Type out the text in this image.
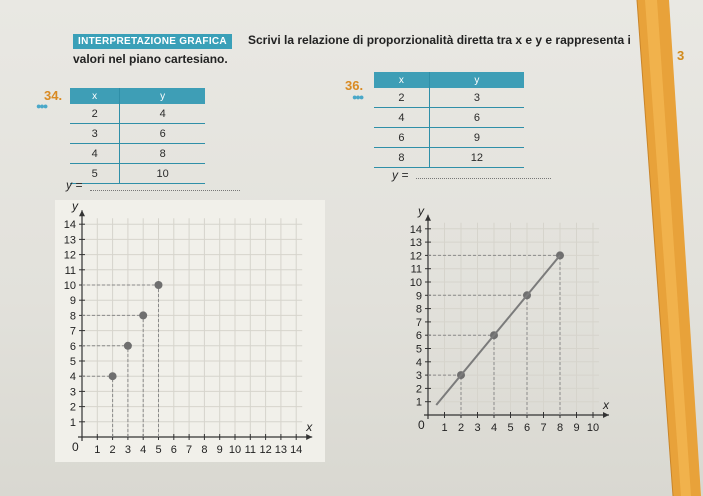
INTERPRETAZIONE GRAFICA	Scrivi la relazione di proporzionalità diretta tra x e y e rappresenta i
valori nel piano cartesiano.	3
34.
●●●
x	y
2	4
3	6
4	8
5	10
y =
36.
●●●
x	y
2	3
4	6
6	9
8	12
y =
1 2 3 4 5 6 7 8 9 10 11 12 13 14
1
2
3
4
5
6
7
8
9
10
11
12
13
14
0
x
y
1 2 3 4 5 6 7 8 9 10
1
2
3
4
5
6
7
8
9
10
11
12
13
14
0
x
y
